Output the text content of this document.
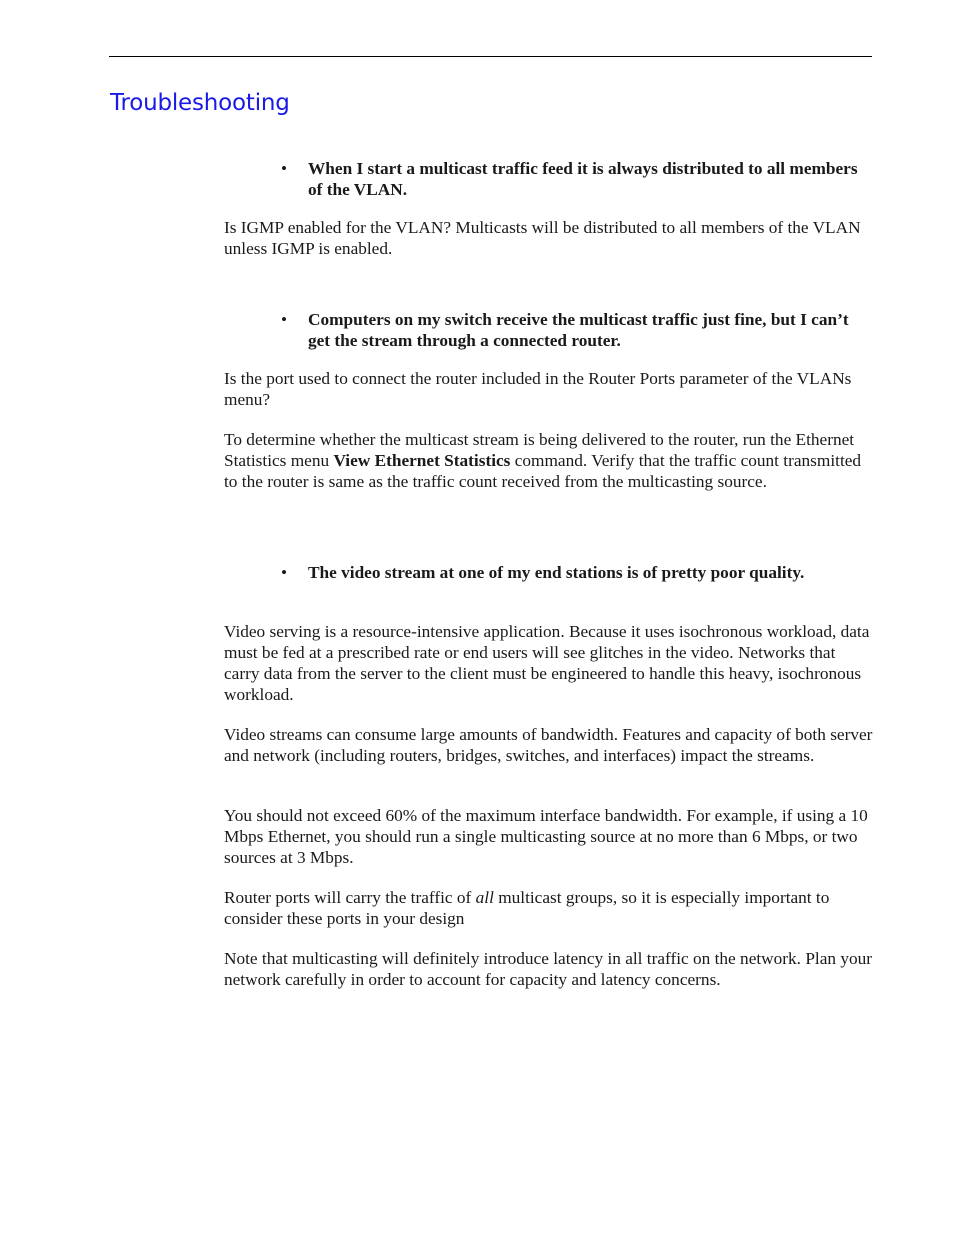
Troubleshooting
• When I start a multicast traffic feed it is always distributed to all members of the VLAN.

Is IGMP enabled for the VLAN? Multicasts will be distributed to all members of the VLAN unless IGMP is enabled.

• Computers on my switch receive the multicast traffic just fine, but I can’t get the stream through a connected router.

Is the port used to connect the router included in the Router Ports parameter of the VLANs menu?

To determine whether the multicast stream is being delivered to the router, run the Ethernet Statistics menu View Ethernet Statistics command. Verify that the traffic count transmitted to the router is same as the traffic count received from the multicasting source.

• The video stream at one of my end stations is of pretty poor quality.

Video serving is a resource-intensive application. Because it uses isochronous workload, data must be fed at a prescribed rate or end users will see glitches in the video. Networks that carry data from the server to the client must be engineered to handle this heavy, isochronous workload.

Video streams can consume large amounts of bandwidth. Features and capacity of both server and network (including routers, bridges, switches, and interfaces) impact the streams.

You should not exceed 60% of the maximum interface bandwidth. For example, if using a 10 Mbps Ethernet, you should run a single multicasting source at no more than 6 Mbps, or two sources at 3 Mbps.

Router ports will carry the traffic of all multicast groups, so it is especially important to consider these ports in your design

Note that multicasting will definitely introduce latency in all traffic on the network. Plan your network carefully in order to account for capacity and latency concerns.
